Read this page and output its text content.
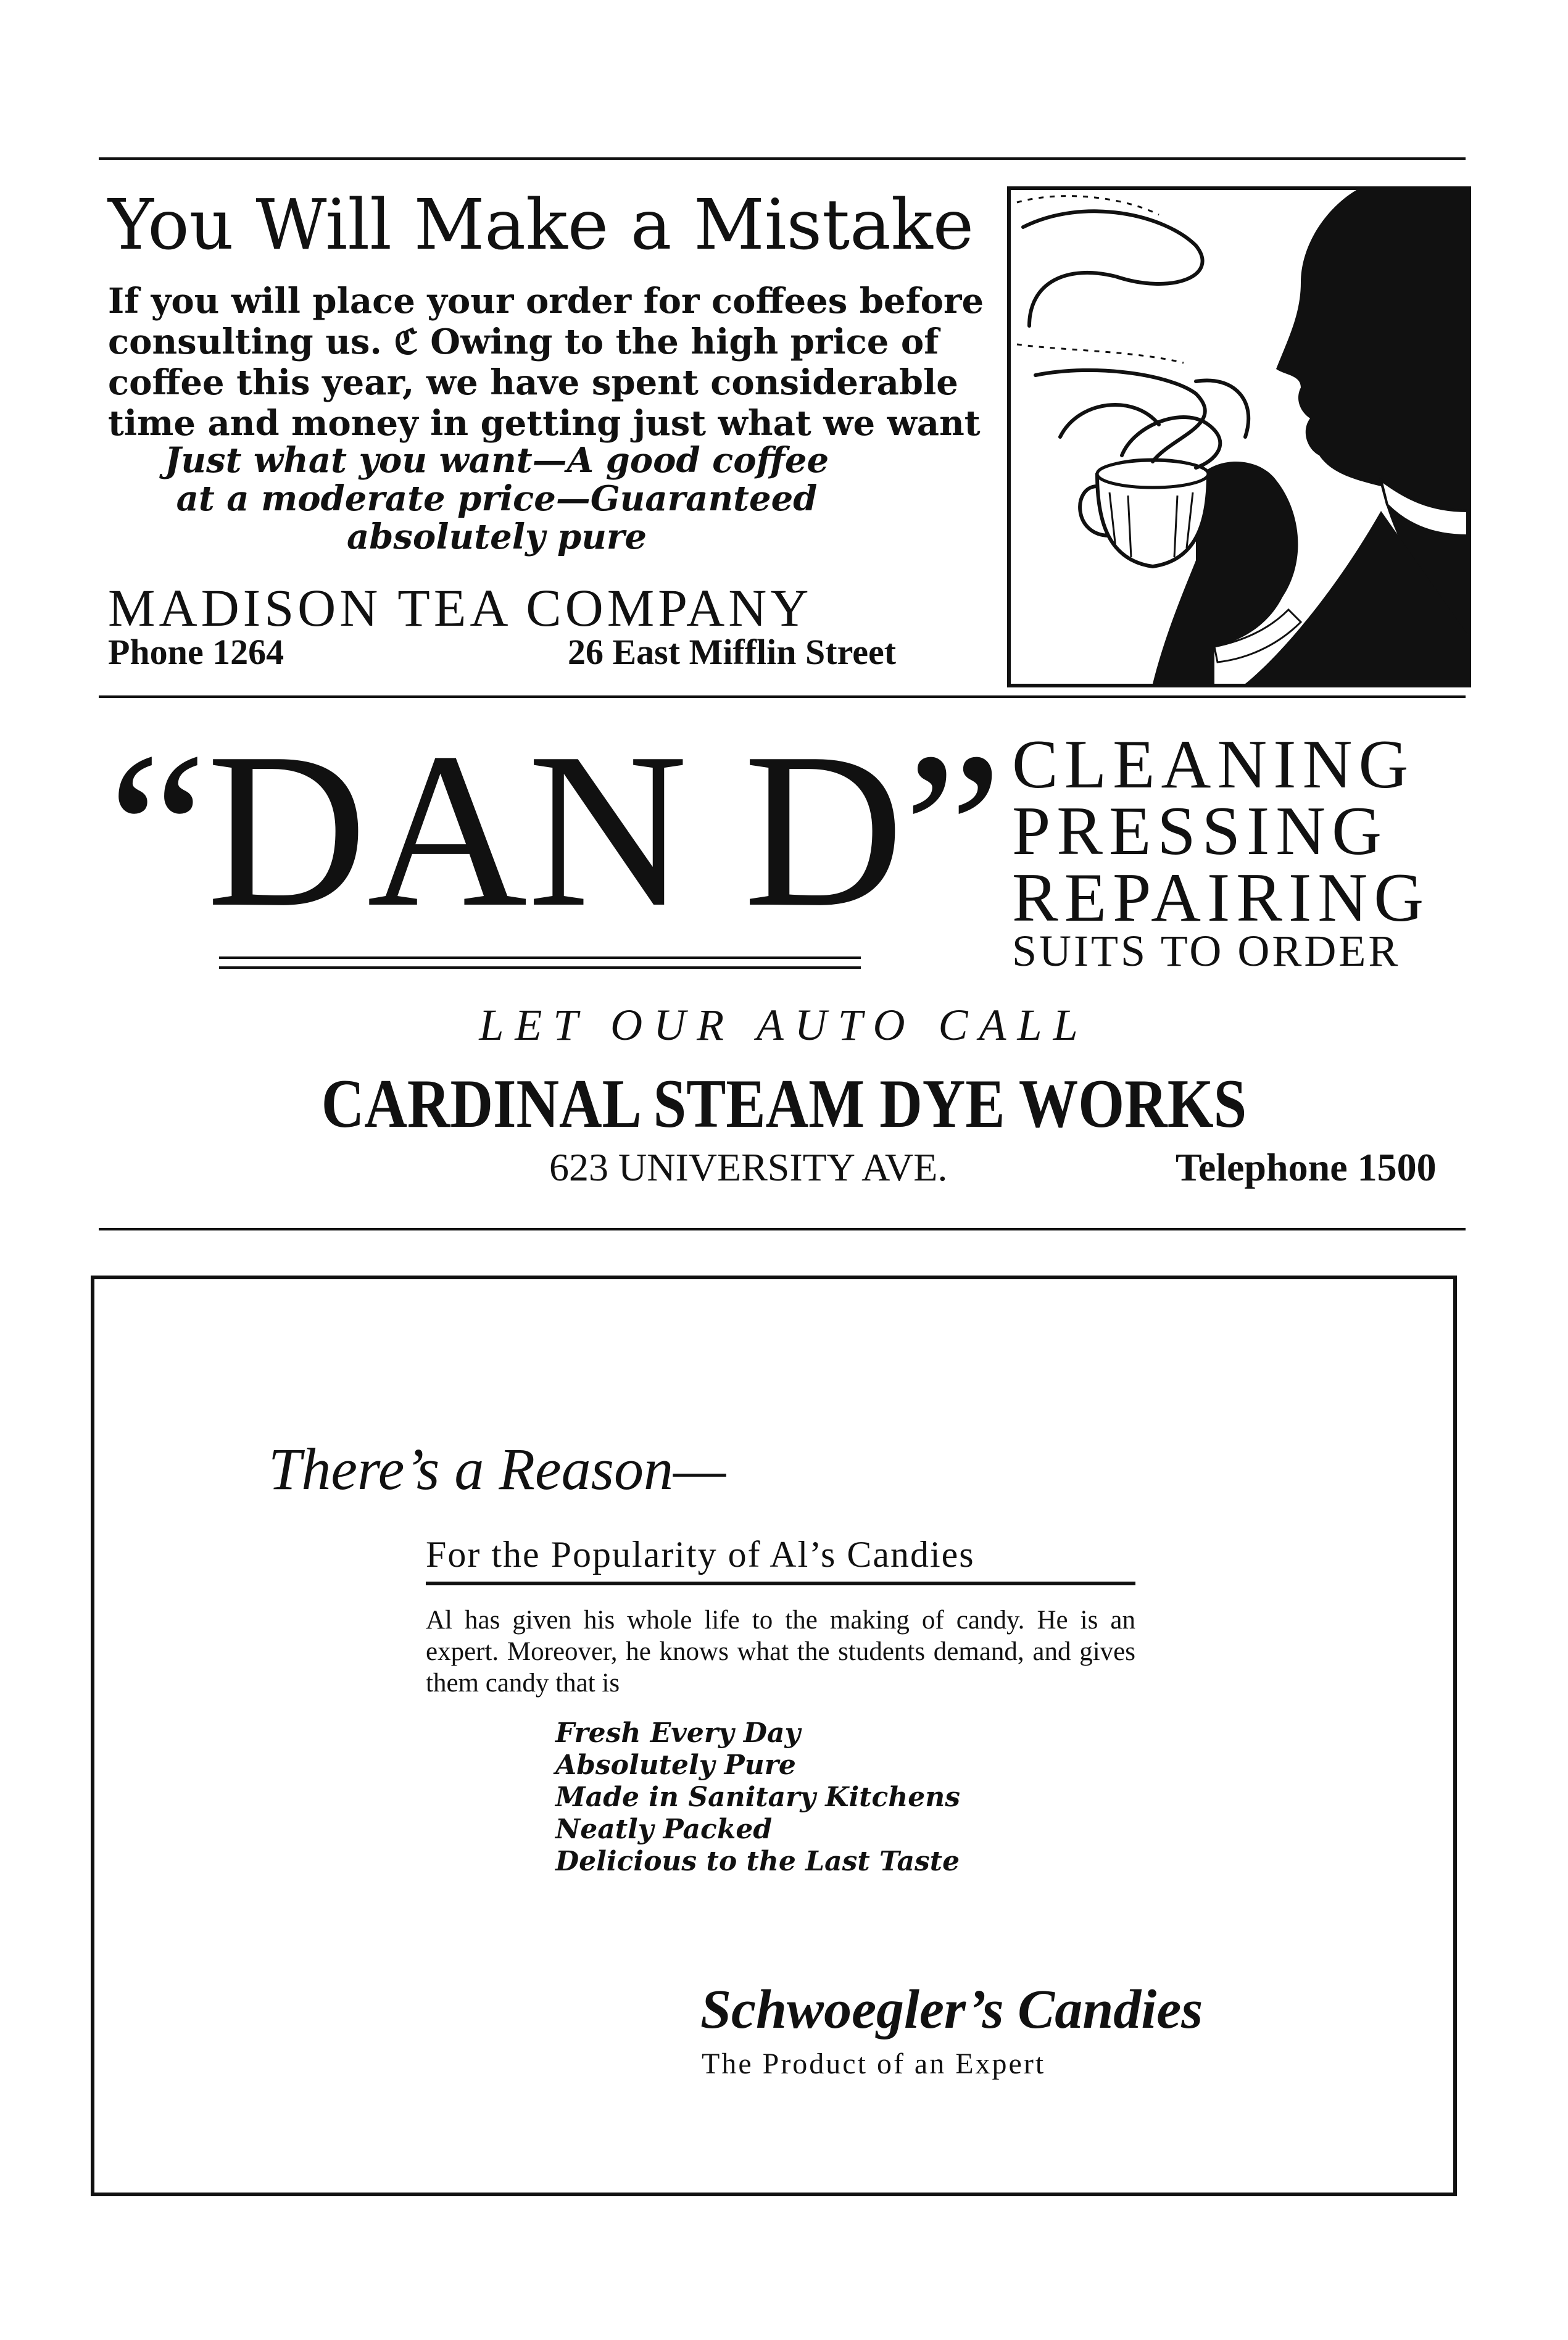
You Will Make a Mistake
If you will place your order for coffees before
consulting us. ℭ Owing to the high price of
coffee this year, we have spent considerable
time and money in getting just what we want
Just what you want—A good coffee
at a moderate price—Guaranteed
absolutely pure
MADISON TEA COMPANY
Phone 1264	26 East Mifflin Street
“DAN D” CLEANING
PRESSING
REPAIRING
SUITS TO ORDER
LET OUR AUTO CALL
CARDINAL STEAM DYE WORKS
623 UNIVERSITY AVE.	Telephone 1500
There’s a Reason—
For the Popularity of Al’s Candies
Al has given his whole life to the making of candy. He is an expert. Moreover, he knows what the students demand, and gives them candy that is
Fresh Every Day
Absolutely Pure
Made in Sanitary Kitchens
Neatly Packed
Delicious to the Last Taste
Schwoegler’s Candies
The Product of an Expert
